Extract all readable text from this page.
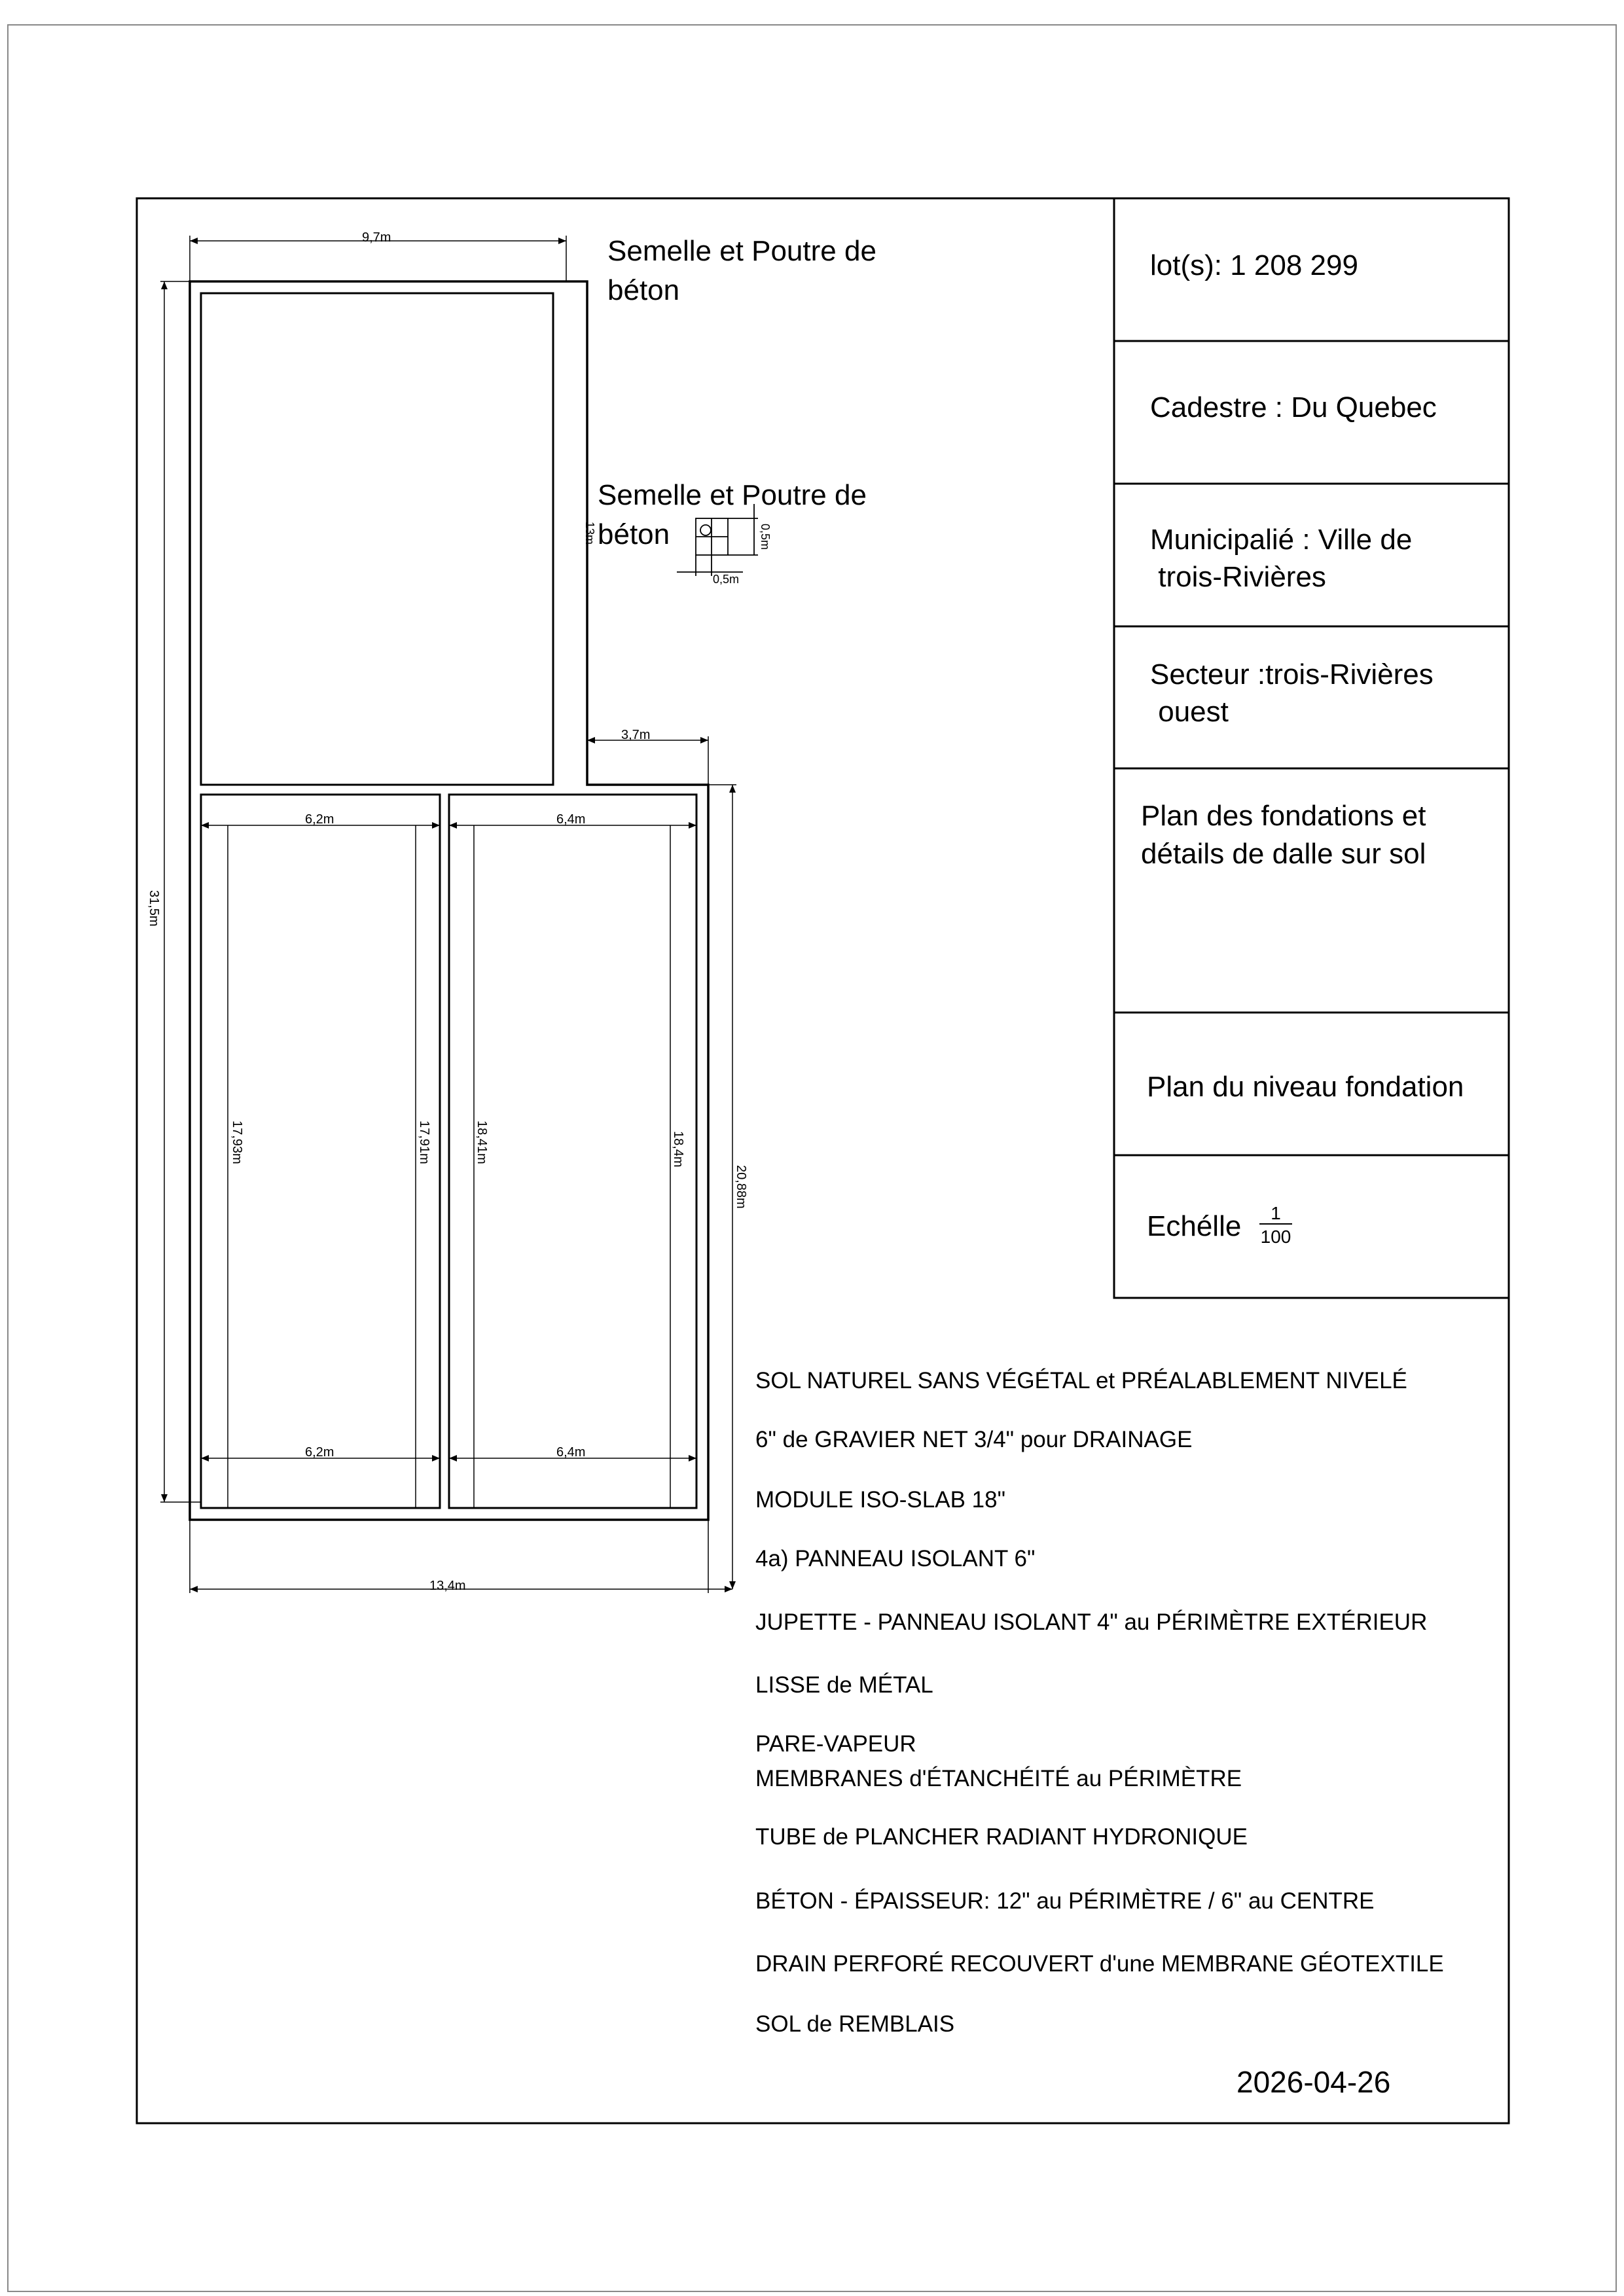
Semelle et Poutre de
béton
Semelle et Poutre de
béton
9,7m
31,5m
3,7m
20,88m
13,4m
6,2m
6,2m
6,4m
6,4m
17,93m	17,91m	18,41m	18,4m
13m	0,5m
0,5m
lot(s): 1 208 299
Cadestre : Du Quebec
Municipalié : Ville de
trois-Rivières
Secteur :trois-Rivières
ouest
Plan des fondations et
détails de dalle sur sol
Plan du niveau fondation
Echélle	1
100
SOL NATUREL SANS VÉGÉTAL et PRÉALABLEMENT NIVELÉ
6" de GRAVIER NET 3/4" pour DRAINAGE
MODULE ISO-SLAB 18"
4a) PANNEAU ISOLANT 6"
JUPETTE - PANNEAU ISOLANT 4" au PÉRIMÈTRE EXTÉRIEUR
LISSE de MÉTAL
PARE-VAPEUR
MEMBRANES d'ÉTANCHÉITÉ au PÉRIMÈTRE
TUBE de PLANCHER RADIANT HYDRONIQUE
BÉTON - ÉPAISSEUR: 12" au PÉRIMÈTRE / 6" au CENTRE
DRAIN PERFORÉ RECOUVERT d'une MEMBRANE GÉOTEXTILE
SOL de REMBLAIS
2026-04-26
